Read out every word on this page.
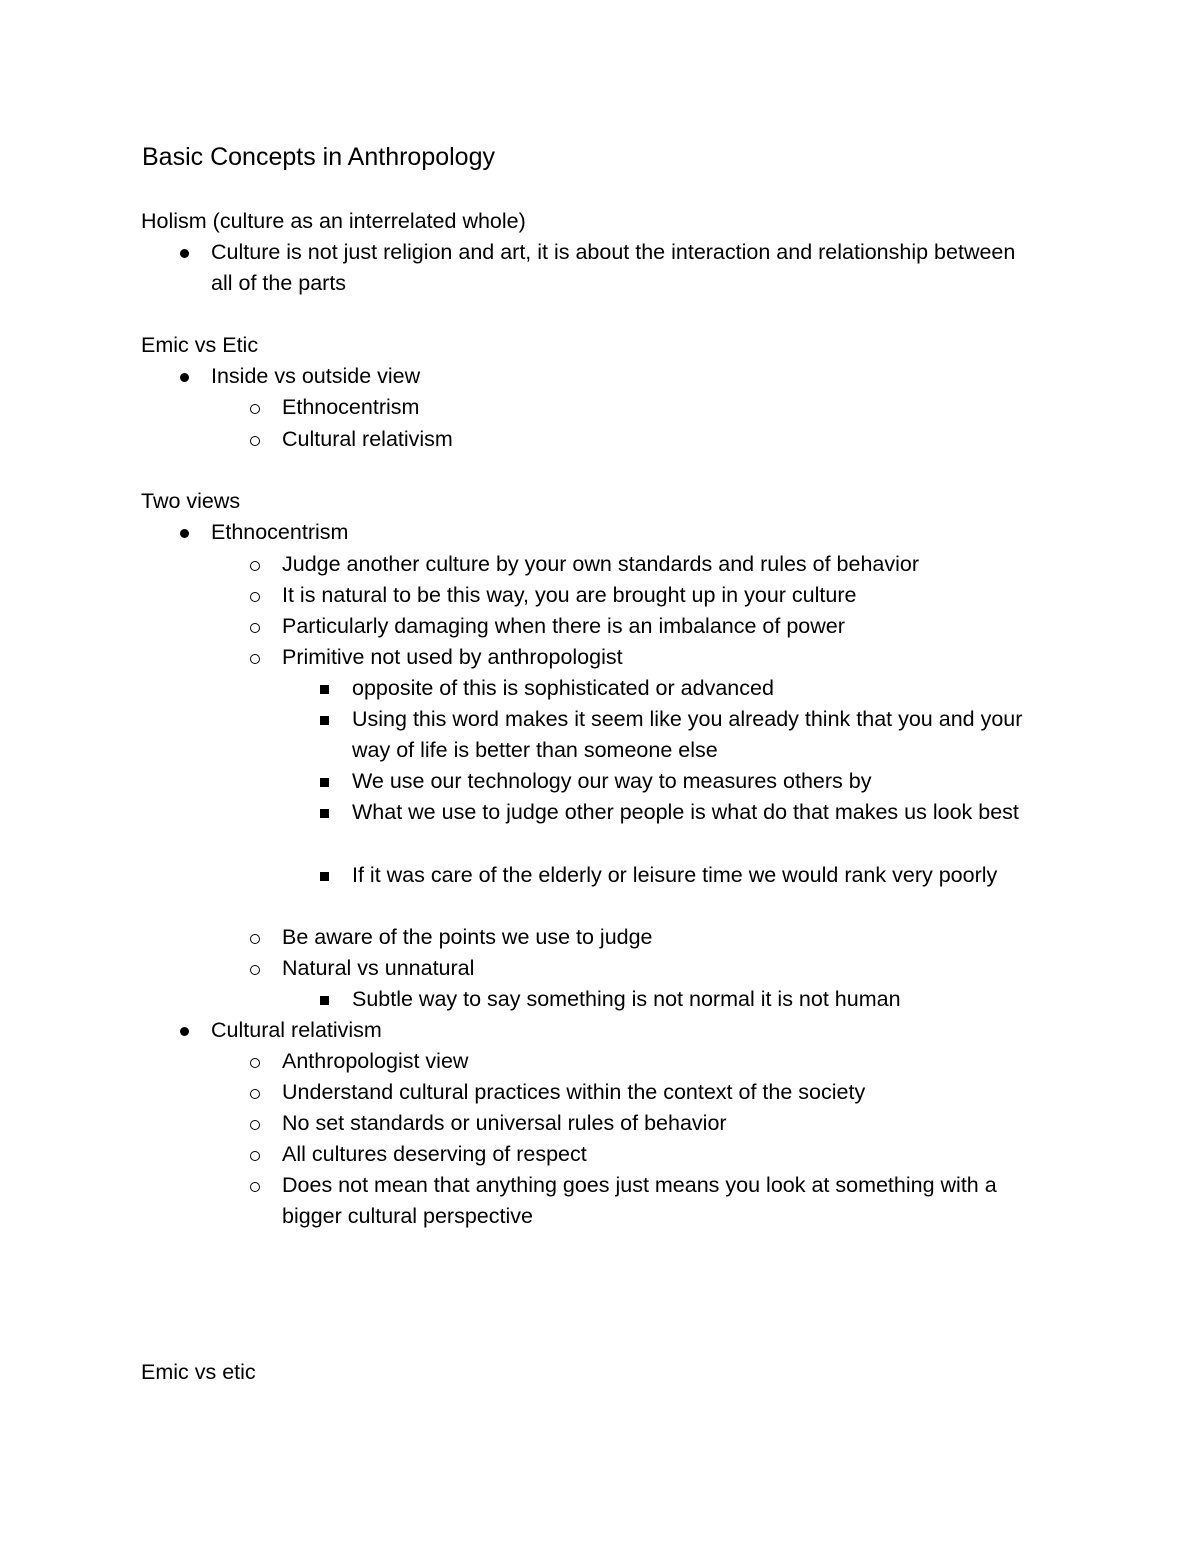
Basic Concepts in Anthropology
Holism (culture as an interrelated whole)
Culture is not just religion and art, it is about the interaction and relationship between all of the parts
Emic vs Etic
Inside vs outside view
Ethnocentrism
Cultural relativism
Two views
Ethnocentrism
Judge another culture by your own standards and rules of behavior
It is natural to be this way, you are brought up in your culture
Particularly damaging when there is an imbalance of power
Primitive not used by anthropologist
opposite of this is sophisticated or advanced
Using this word makes it seem like you already think that you and your way of life is better than someone else
We use our technology our way to measures others by
What we use to judge other people is what do that makes us look best
If it was care of the elderly or leisure time we would rank very poorly
Be aware of the points we use to judge
Natural vs unnatural
Subtle way to say something is not normal it is not human
Cultural relativism
Anthropologist view
Understand cultural practices within the context of the society
No set standards or universal rules of behavior
All cultures deserving of respect
Does not mean that anything goes just means you look at something with a bigger cultural perspective
Emic vs etic
